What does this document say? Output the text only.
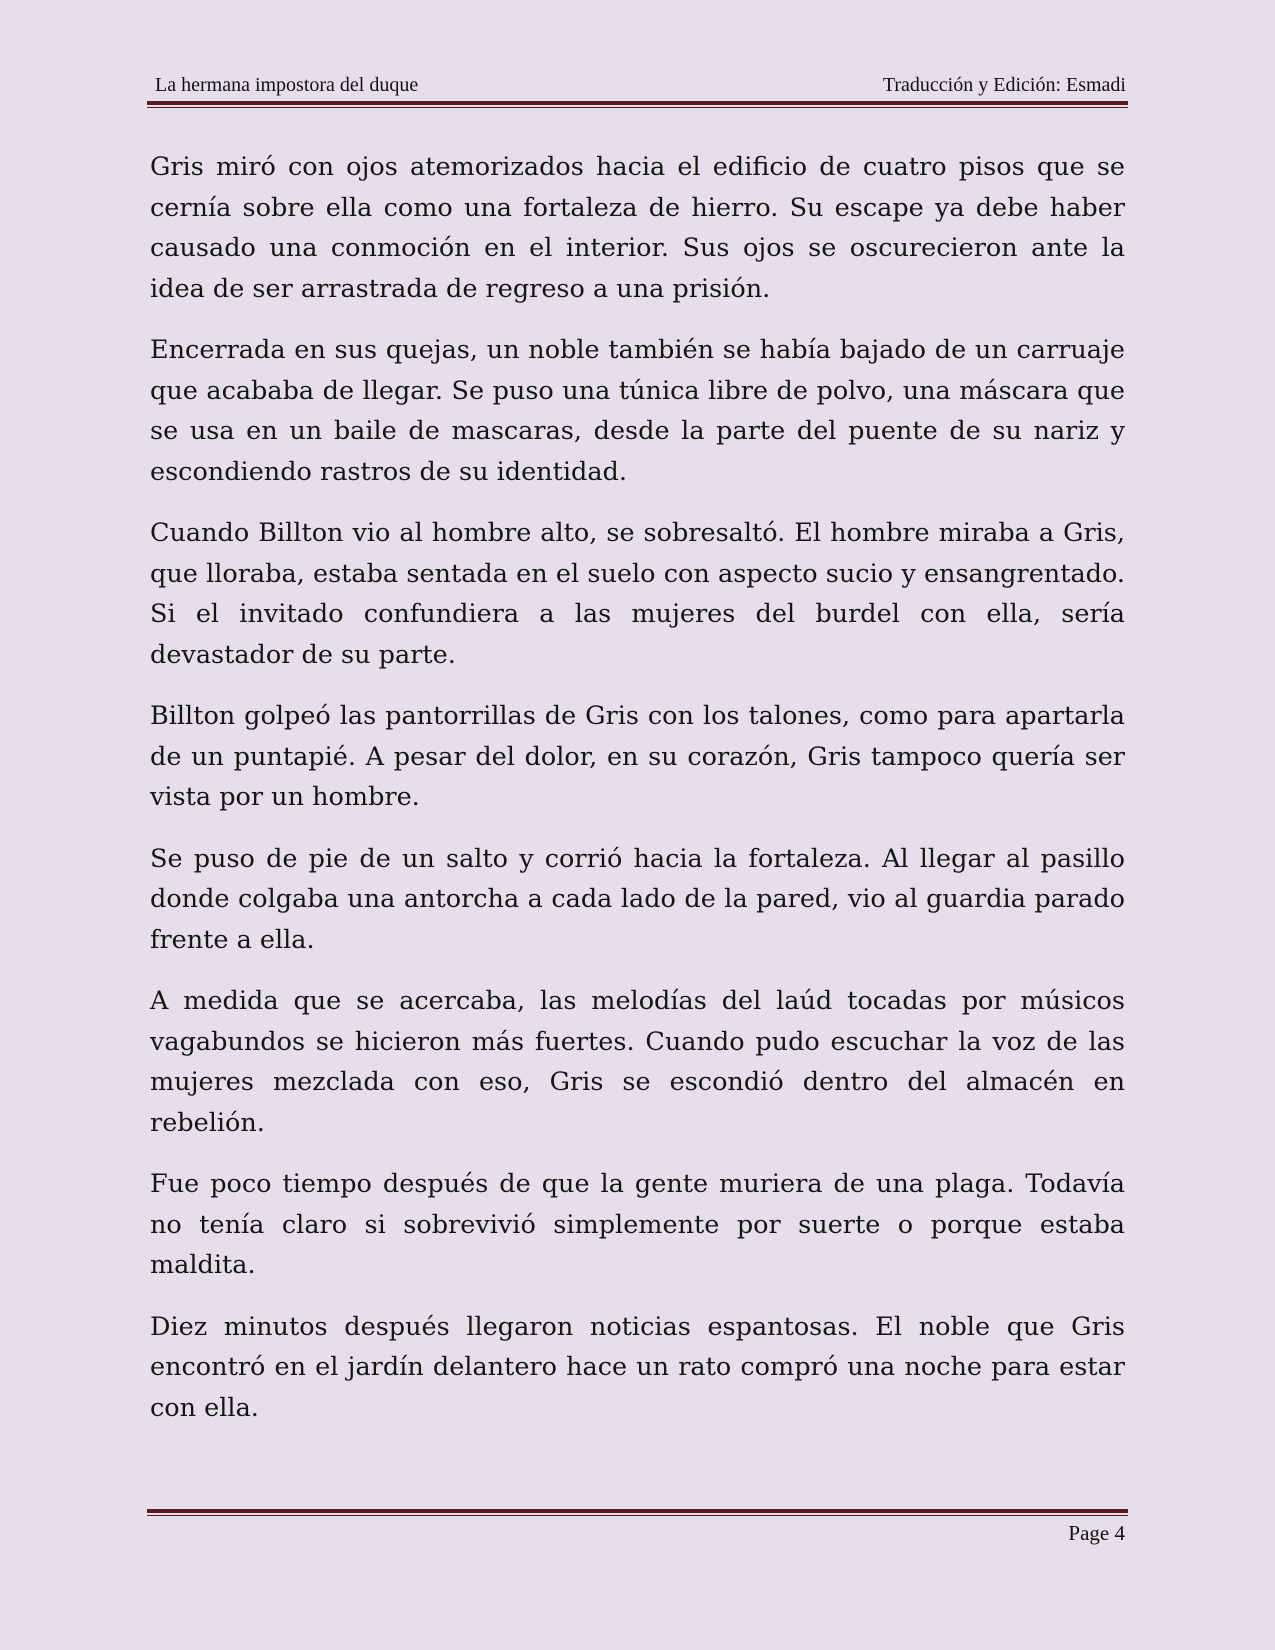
La hermana impostora del duque	Traducción y Edición: Esmadi

Gris miró con ojos atemorizados hacia el edificio de cuatro pisos que se cernía sobre ella como una fortaleza de hierro. Su escape ya debe haber causado una conmoción en el interior. Sus ojos se oscurecieron ante la idea de ser arrastrada de regreso a una prisión.

Encerrada en sus quejas, un noble también se había bajado de un carruaje que acababa de llegar. Se puso una túnica libre de polvo, una máscara que se usa en un baile de mascaras, desde la parte del puente de su nariz y escondiendo rastros de su identidad.

Cuando Billton vio al hombre alto, se sobresaltó. El hombre miraba a Gris, que lloraba, estaba sentada en el suelo con aspecto sucio y ensangrentado. Si el invitado confundiera a las mujeres del burdel con ella, sería devastador de su parte.

Billton golpeó las pantorrillas de Gris con los talones, como para apartarla de un puntapié. A pesar del dolor, en su corazón, Gris tampoco quería ser vista por un hombre.

Se puso de pie de un salto y corrió hacia la fortaleza. Al llegar al pasillo donde colgaba una antorcha a cada lado de la pared, vio al guardia parado frente a ella.

A medida que se acercaba, las melodías del laúd tocadas por músicos vagabundos se hicieron más fuertes. Cuando pudo escuchar la voz de las mujeres mezclada con eso, Gris se escondió dentro del almacén en rebelión.

Fue poco tiempo después de que la gente muriera de una plaga. Todavía no tenía claro si sobrevivió simplemente por suerte o porque estaba maldita.

Diez minutos después llegaron noticias espantosas. El noble que Gris encontró en el jardín delantero hace un rato compró una noche para estar con ella.

Page 4
